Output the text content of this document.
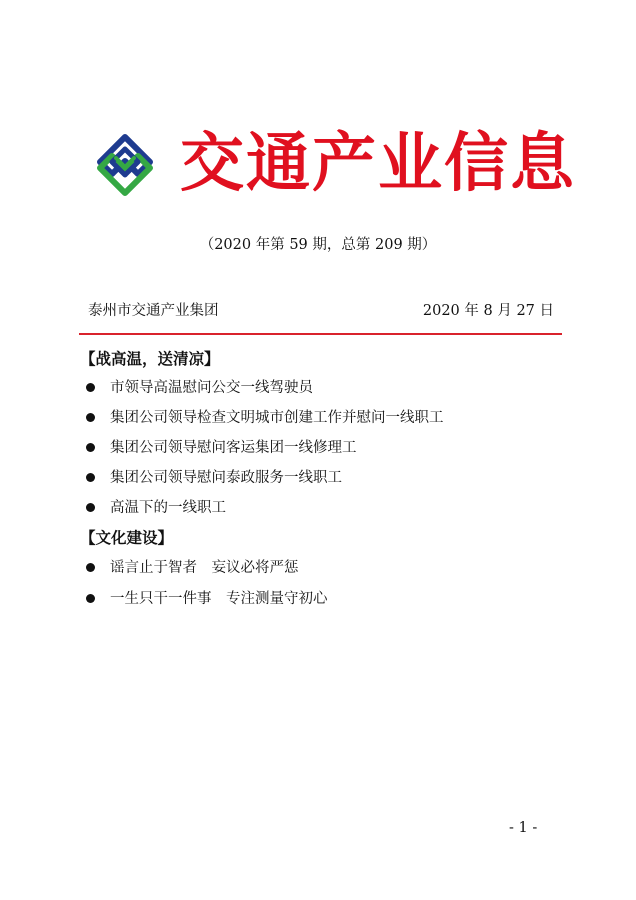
交通产业信息
（2020 年第 59 期，总第 209 期）
泰州市交通产业集团	2020 年 8 月 27 日
【战高温，送清凉】
市领导高温慰问公交一线驾驶员
集团公司领导检查文明城市创建工作并慰问一线职工
集团公司领导慰问客运集团一线修理工
集团公司领导慰问泰政服务一线职工
高温下的一线职工
【文化建设】
谣言止于智者　妄议必将严惩
一生只干一件事　专注测量守初心
- 1 -
